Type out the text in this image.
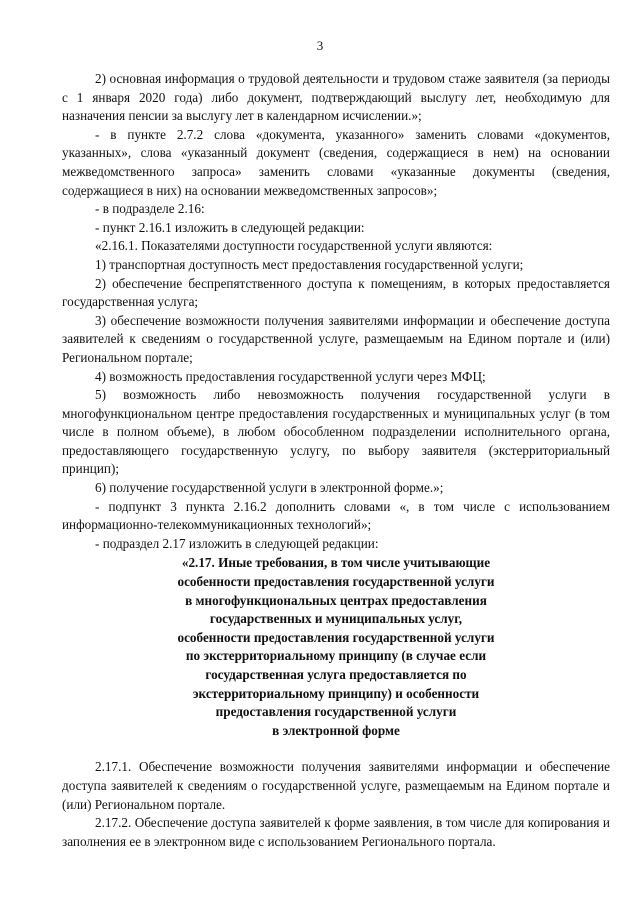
3

2) основная информация о трудовой деятельности и трудовом стаже заявителя (за периоды с 1 января 2020 года) либо документ, подтверждающий выслугу лет, необходимую для назначения пенсии за выслугу лет в календарном исчислении.»;

- в пункте 2.7.2 слова «документа, указанного» заменить словами «документов, указанных», слова «указанный документ (сведения, содержащиеся в нем) на основании межведомственного запроса» заменить словами «указанные документы (сведения, содержащиеся в них) на основании межведомственных запросов»;

- в подразделе 2.16:

- пункт 2.16.1 изложить в следующей редакции:

«2.16.1. Показателями доступности государственной услуги являются:

1) транспортная доступность мест предоставления государственной услуги;

2) обеспечение беспрепятственного доступа к помещениям, в которых предоставляется государственная услуга;

3) обеспечение возможности получения заявителями информации и обеспечение доступа заявителей к сведениям о государственной услуге, размещаемым на Едином портале и (или) Региональном портале;

4) возможность предоставления государственной услуги через МФЦ;

5) возможность либо невозможность получения государственной услуги в многофункциональном центре предоставления государственных и муниципальных услуг (в том числе в полном объеме), в любом обособленном подразделении исполнительного органа, предоставляющего государственную услугу, по выбору заявителя (экстерриториальный принцип);

6) получение государственной услуги в электронной форме.»;

- подпункт 3 пункта 2.16.2 дополнить словами «, в том числе с использованием информационно-телекоммуникационных технологий»;

- подраздел 2.17 изложить в следующей редакции:

«2.17. Иные требования, в том числе учитывающие

особенности предоставления государственной услуги

в многофункциональных центрах предоставления

государственных и муниципальных услуг,

особенности предоставления государственной услуги

по экстерриториальному принципу (в случае если

государственная услуга предоставляется по

экстерриториальному принципу) и особенности

предоставления государственной услуги

в электронной форме

2.17.1. Обеспечение возможности получения заявителями информации и обеспечение доступа заявителей к сведениям о государственной услуге, размещаемым на Едином портале и (или) Региональном портале.

2.17.2. Обеспечение доступа заявителей к форме заявления, в том числе для копирования и заполнения ее в электронном виде с использованием Регионального портала.
